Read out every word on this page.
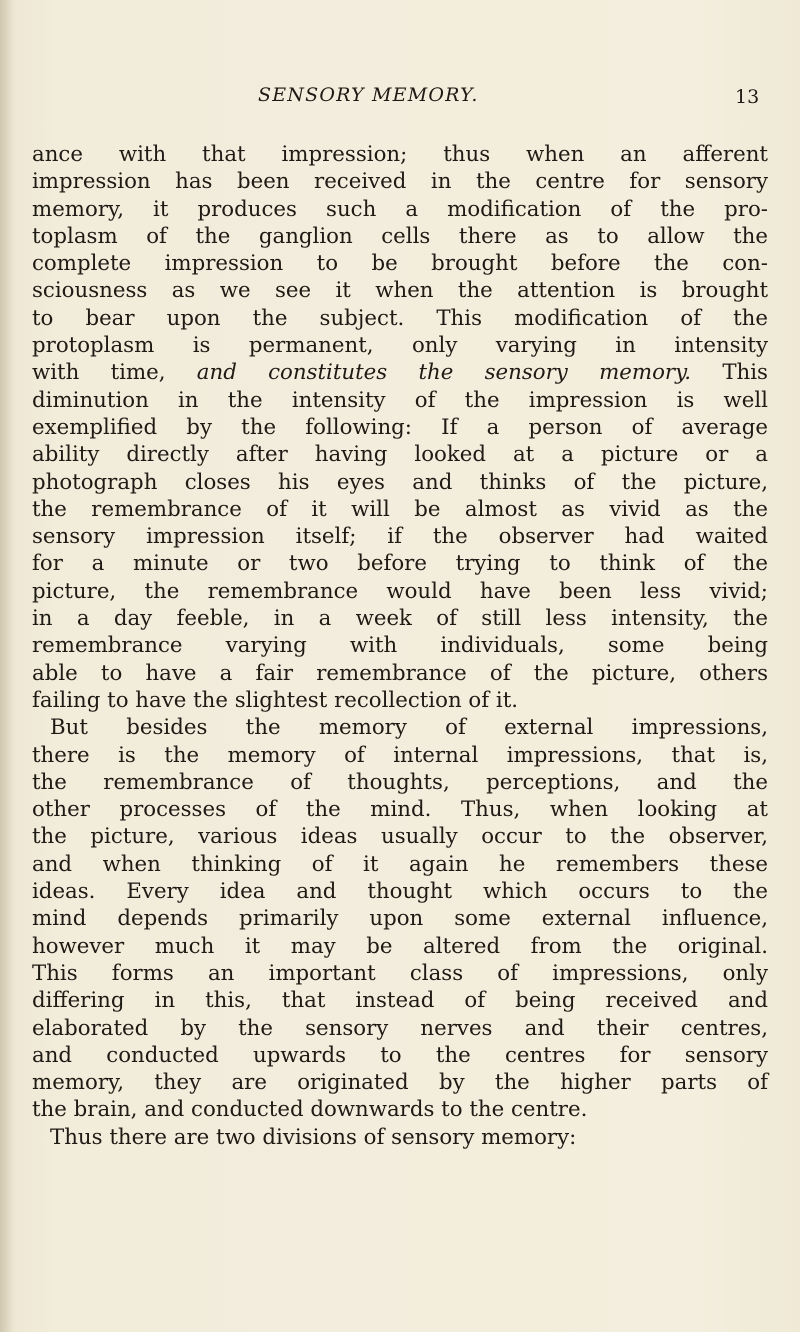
SENSORY MEMORY.	13
ance with that impression; thus when an afferent
impression has been received in the centre for sensory
memory, it produces such a modification of the pro-
toplasm of the ganglion cells there as to allow the
complete impression to be brought before the con-
sciousness as we see it when the attention is brought
to bear upon the subject. This modification of the
protoplasm is permanent, only varying in intensity
with time, and constitutes the sensory memory. This
diminution in the intensity of the impression is well
exemplified by the following: If a person of average
ability directly after having looked at a picture or a
photograph closes his eyes and thinks of the picture,
the remembrance of it will be almost as vivid as the
sensory impression itself; if the observer had waited
for a minute or two before trying to think of the
picture, the remembrance would have been less vivid;
in a day feeble, in a week of still less intensity, the
remembrance varying with individuals, some being
able to have a fair remembrance of the picture, others
failing to have the slightest recollection of it.
But besides the memory of external impressions,
there is the memory of internal impressions, that is,
the remembrance of thoughts, perceptions, and the
other processes of the mind. Thus, when looking at
the picture, various ideas usually occur to the observer,
and when thinking of it again he remembers these
ideas. Every idea and thought which occurs to the
mind depends primarily upon some external influence,
however much it may be altered from the original.
This forms an important class of impressions, only
differing in this, that instead of being received and
elaborated by the sensory nerves and their centres,
and conducted upwards to the centres for sensory
memory, they are originated by the higher parts of
the brain, and conducted downwards to the centre.
Thus there are two divisions of sensory memory:
